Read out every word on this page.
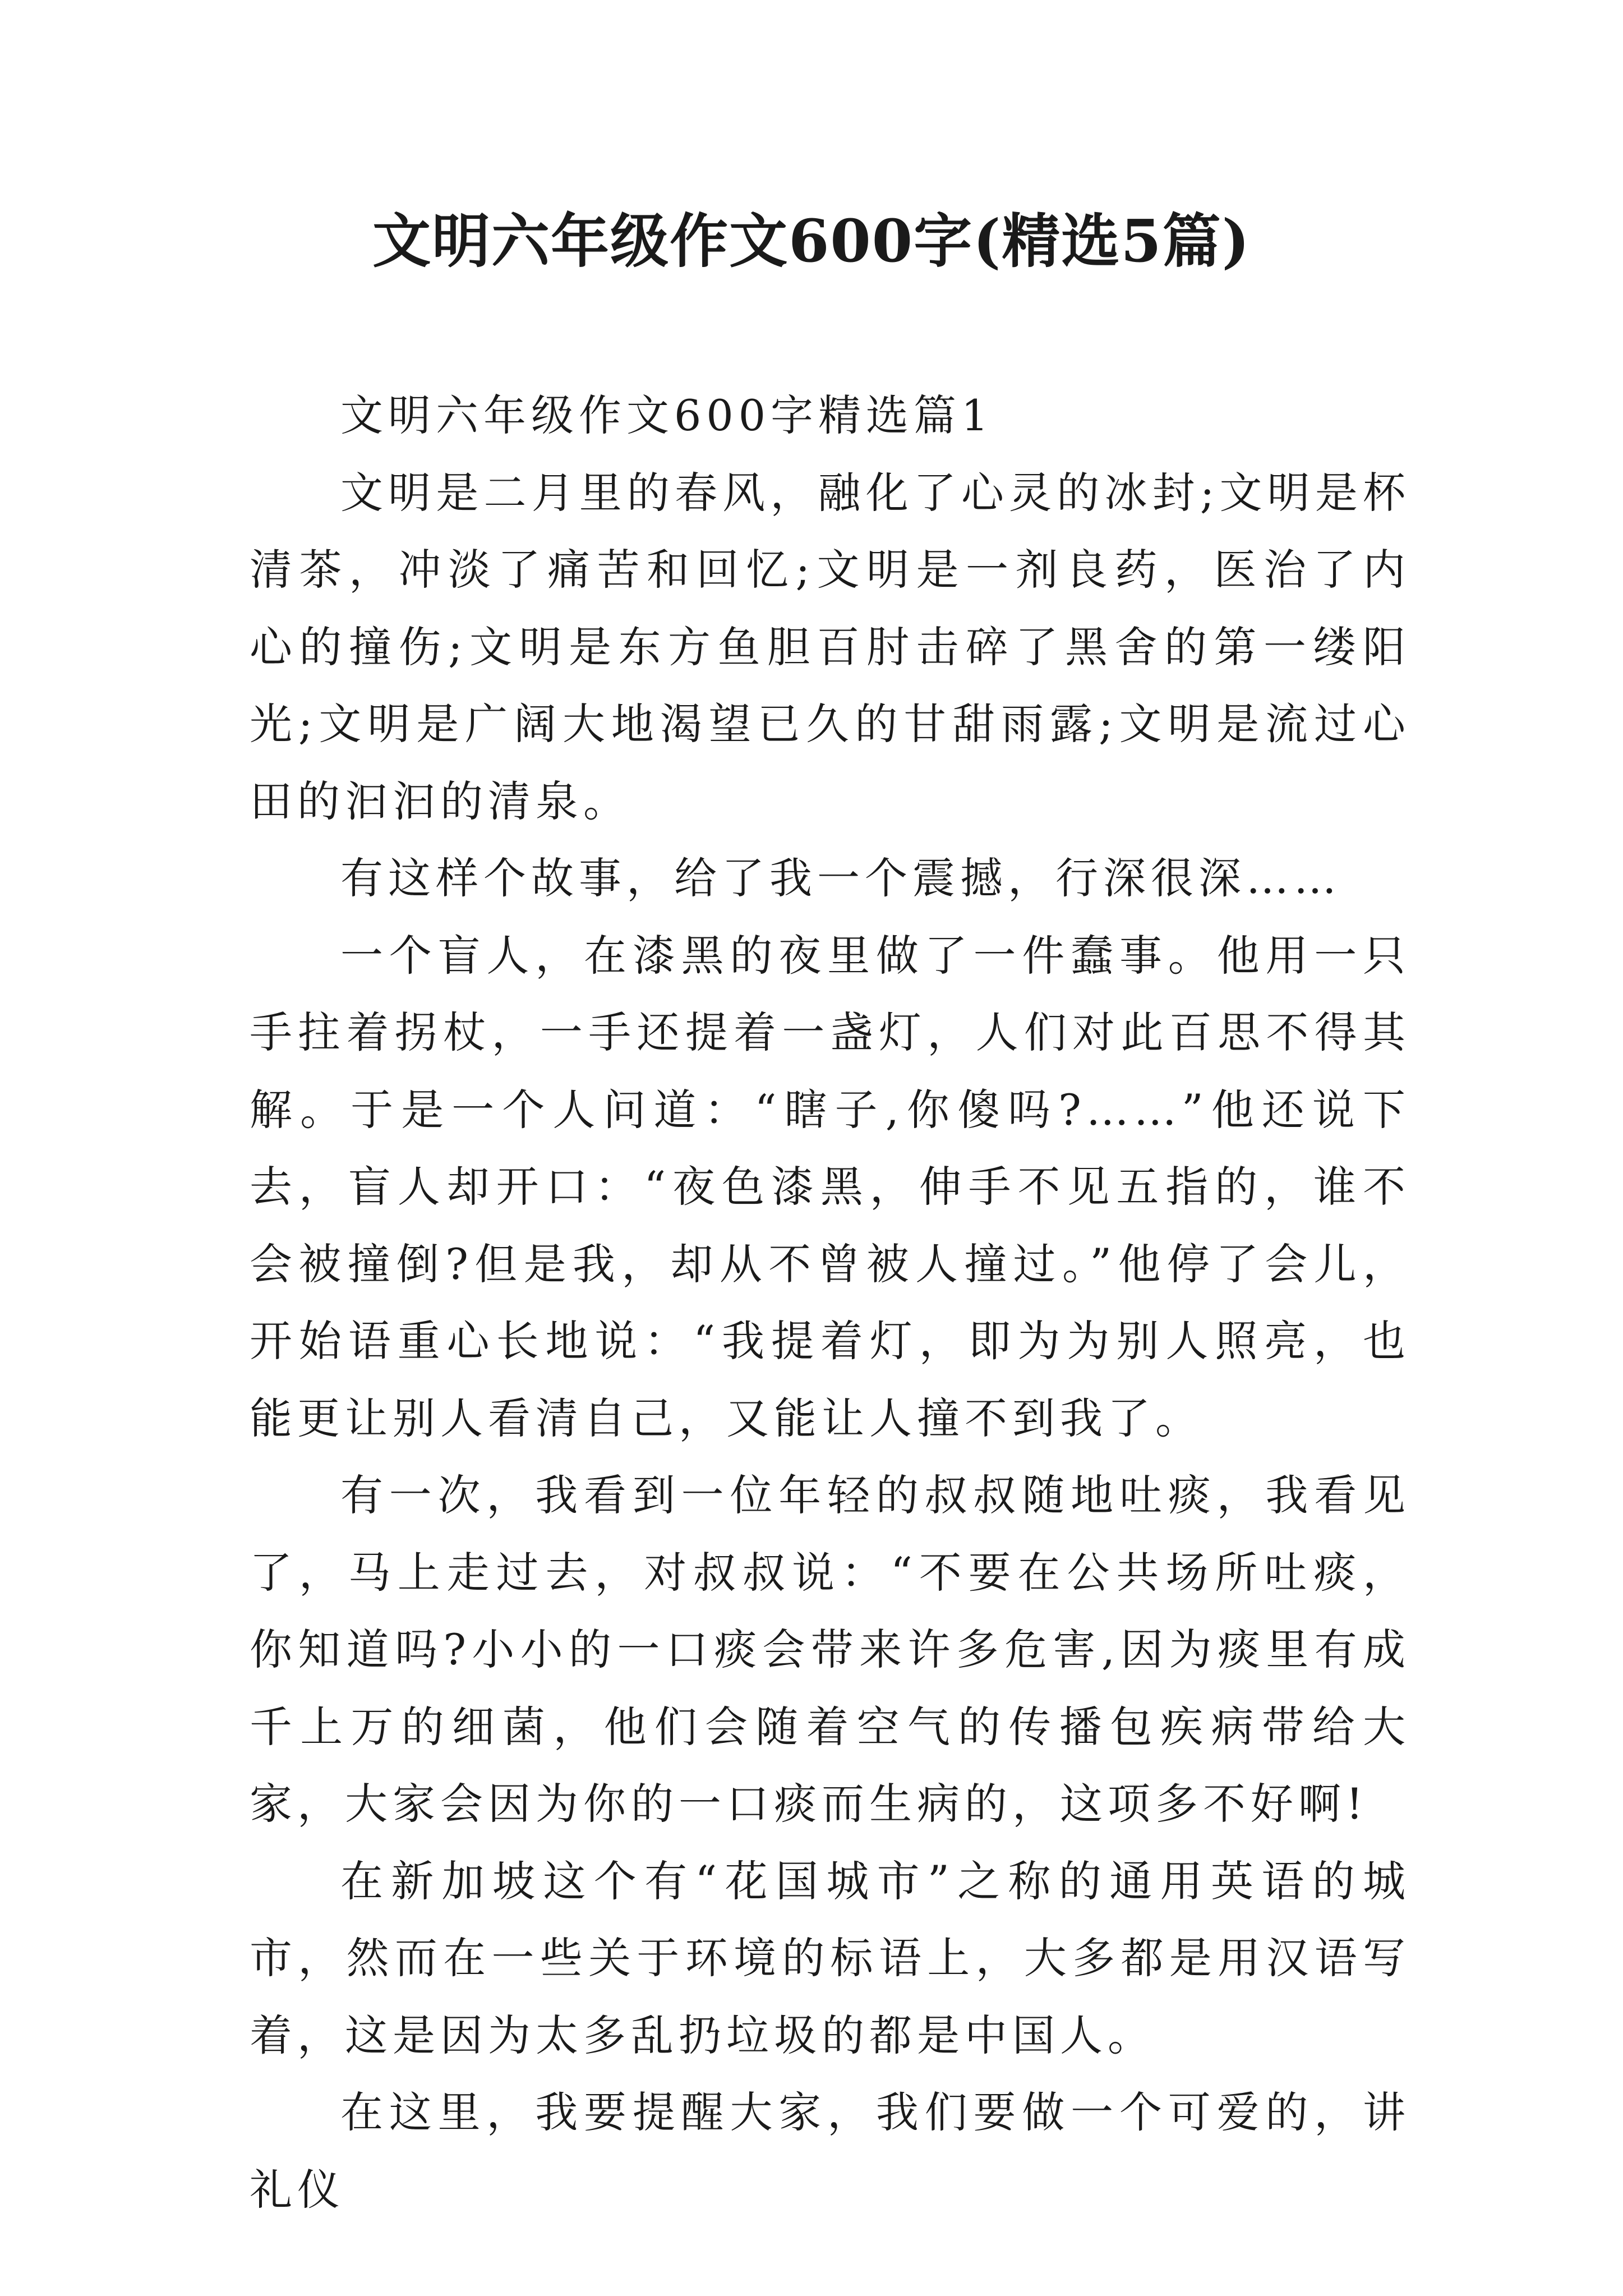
文明六年级作文600字(精选5篇)

文明六年级作文600字精选篇1

文明是二月里的春风，融化了心灵的冰封;文明是杯清茶，冲淡了痛苦和回忆;文明是一剂良药，医治了内心的撞伤;文明是东方鱼胆百肘击碎了黑舍的第一缕阳光;文明是广阔大地渴望已久的甘甜雨露;文明是流过心田的汩汩的清泉。

有这样个故事，给了我一个震撼，行深很深……

一个盲人，在漆黑的夜里做了一件蠢事。他用一只手拄着拐杖，一手还提着一盏灯，人们对此百思不得其解。于是一个人问道：“瞎子,你傻吗?……”他还说下去，盲人却开口：“夜色漆黑，伸手不见五指的，谁不会被撞倒?但是我，却从不曾被人撞过。”他停了会儿，开始语重心长地说：“我提着灯，即为为别人照亮，也能更让别人看清自己，又能让人撞不到我了。

有一次，我看到一位年轻的叔叔随地吐痰，我看见了，马上走过去，对叔叔说：“不要在公共场所吐痰，你知道吗?小小的一口痰会带来许多危害,因为痰里有成千上万的细菌，他们会随着空气的传播包疾病带给大家，大家会因为你的一口痰而生病的，这项多不好啊!

在新加坡这个有“花国城市”之称的通用英语的城市，然而在一些关于环境的标语上，大多都是用汉语写着，这是因为太多乱扔垃圾的都是中国人。

在这里，我要提醒大家，我们要做一个可爱的，讲礼仪
